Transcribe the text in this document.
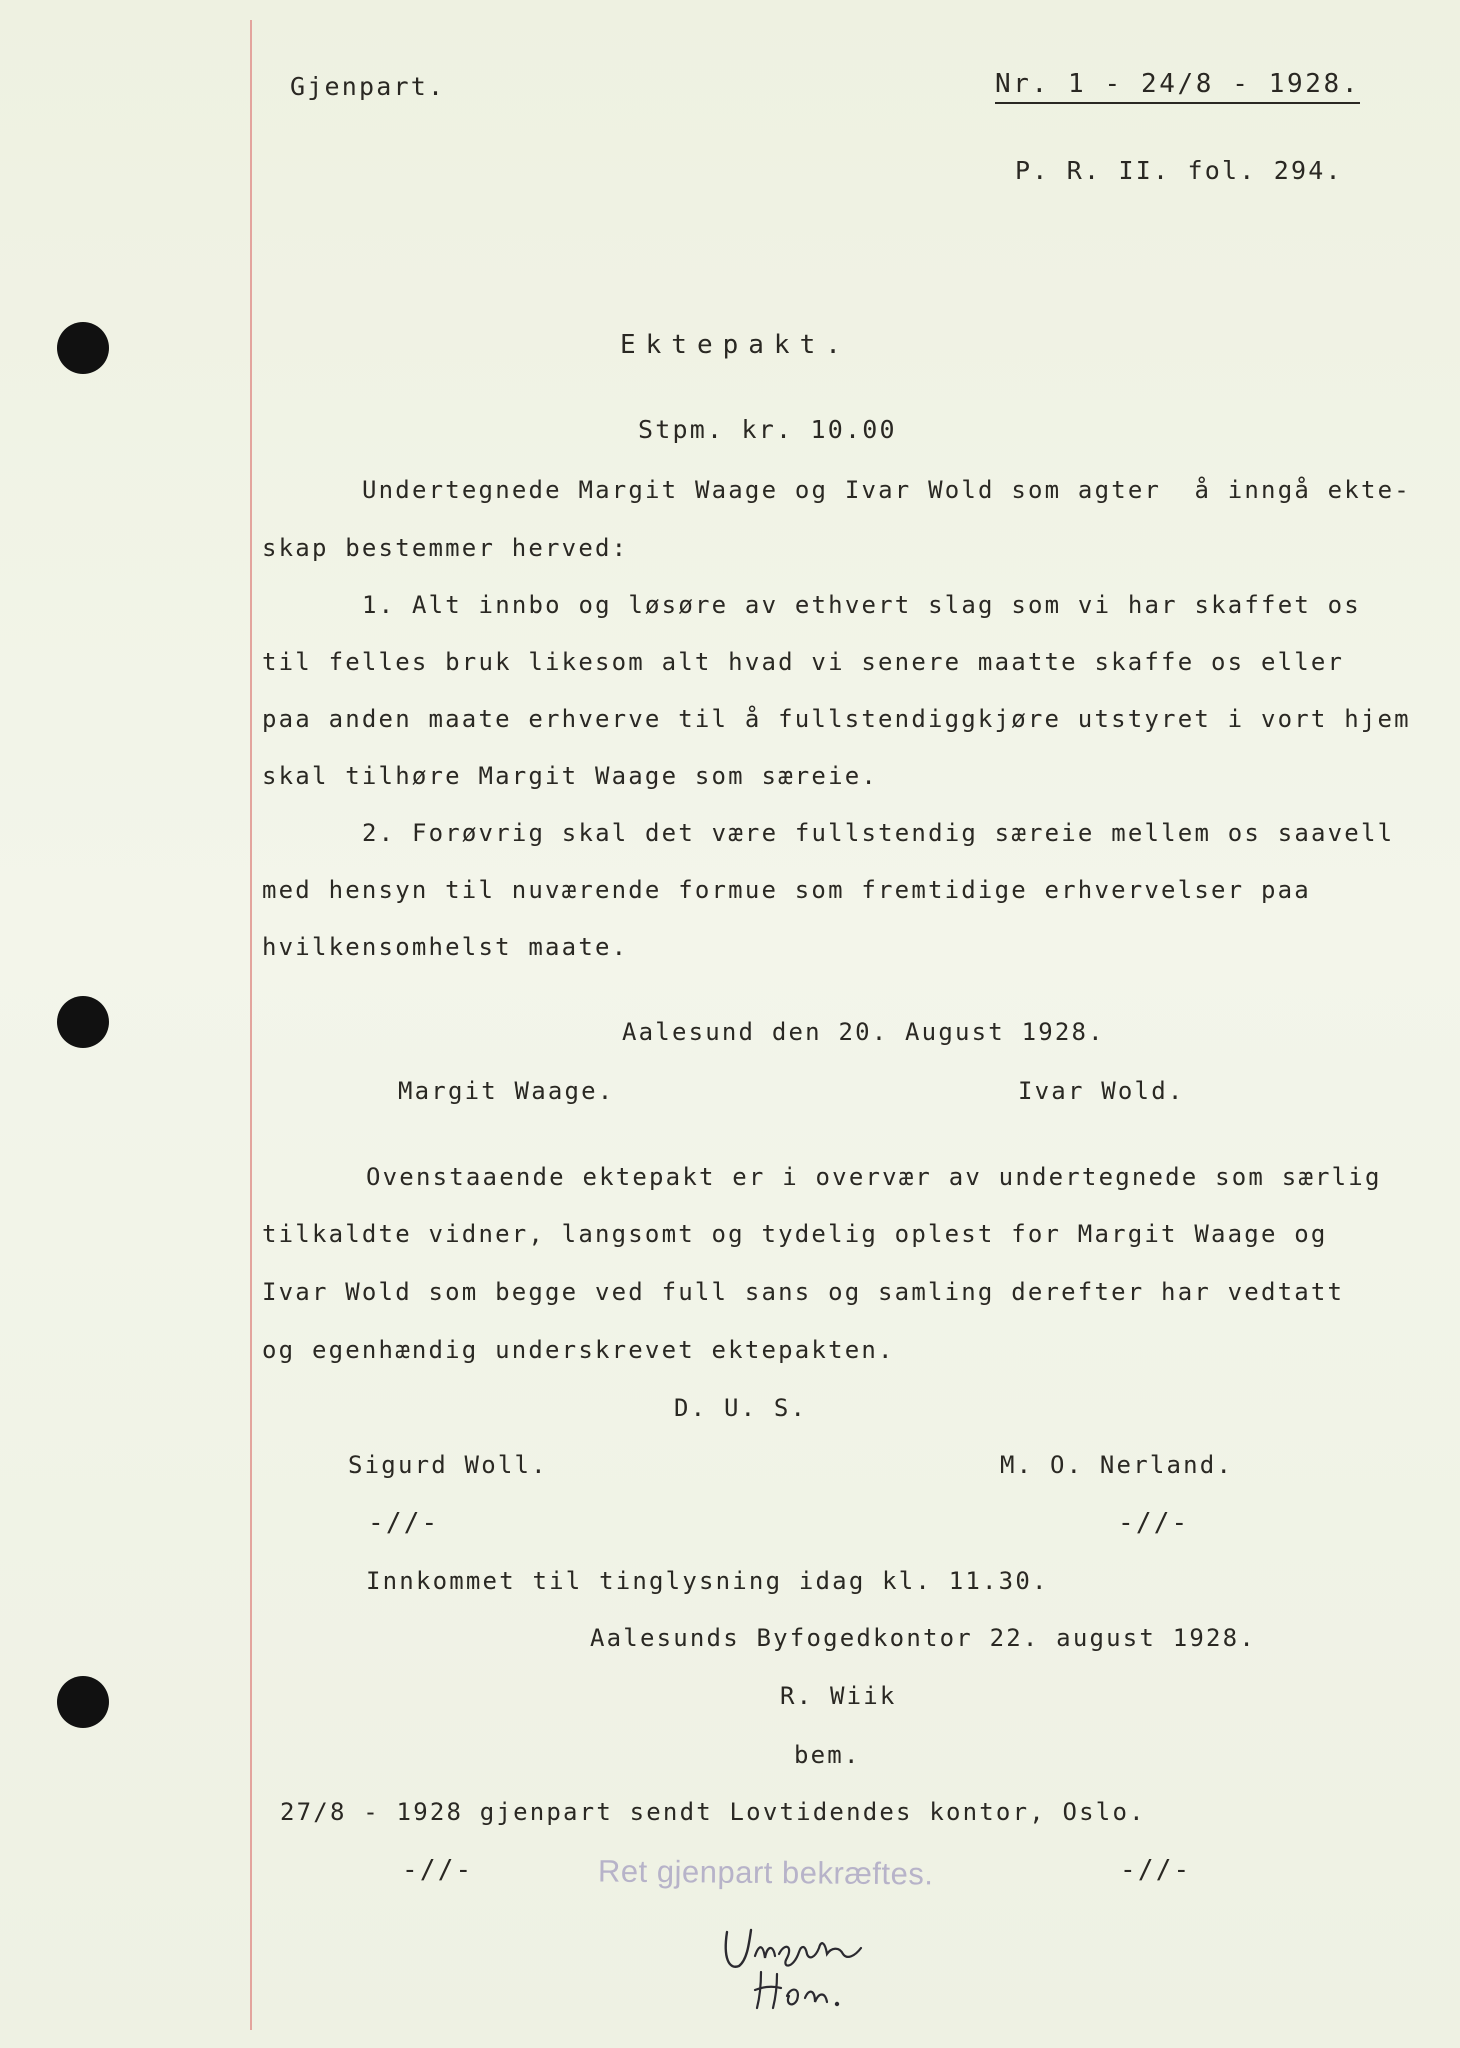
Gjenpart.	Nr. 1 - 24/8 - 1928.
P. R. II. fol. 294.
Ektepakt.
Stpm. kr. 10.00
Undertegnede Margit Waage og Ivar Wold som agter  å inngå ekte-
skap bestemmer herved:
1. Alt innbo og løsøre av ethvert slag som vi har skaffet os
til felles bruk likesom alt hvad vi senere maatte skaffe os eller
paa anden maate erhverve til å fullstendiggkjøre utstyret i vort hjem
skal tilhøre Margit Waage som særeie.
2. Forøvrig skal det være fullstendig særeie mellem os saavell
med hensyn til nuværende formue som fremtidige erhvervelser paa
hvilkensomhelst maate.
Aalesund den 20. August 1928.
Margit Waage.	Ivar Wold.
Ovenstaaende ektepakt er i overvær av undertegnede som særlig
tilkaldte vidner, langsomt og tydelig oplest for Margit Waage og
Ivar Wold som begge ved full sans og samling derefter har vedtatt
og egenhændig underskrevet ektepakten.
D. U. S.
Sigurd Woll.	M. O. Nerland.
-∕∕-	-∕∕-
Innkommet til tinglysning idag kl. 11.30.
Aalesunds Byfogedkontor 22. august 1928.
R. Wiik
bem.
27/8 - 1928 gjenpart sendt Lovtidendes kontor, Oslo.
-∕∕-	Ret gjenpart bekræftes.	-∕∕-
